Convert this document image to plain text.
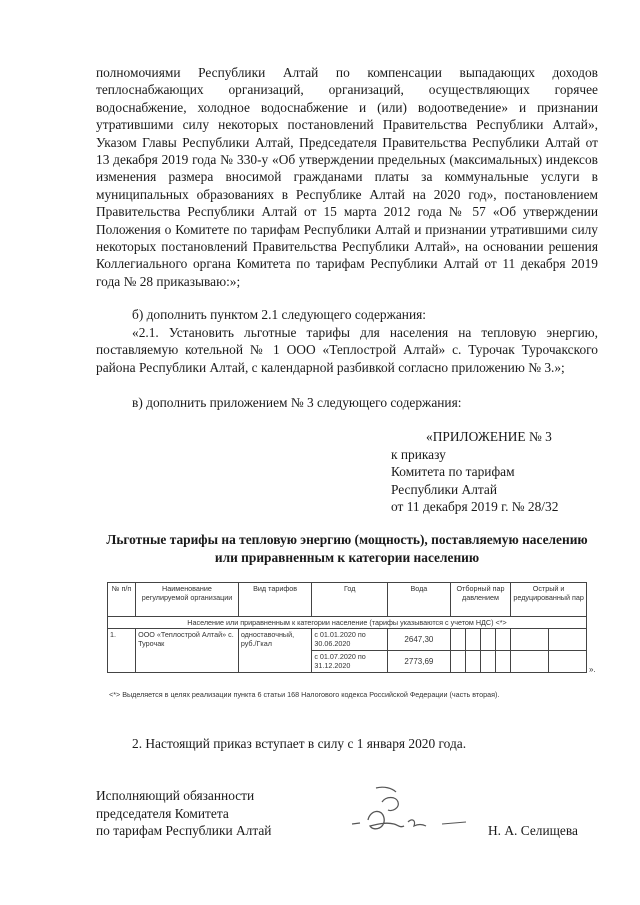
полномочиями Республики Алтай по компенсации выпадающих доходов теплоснабжающих организаций, организаций, осуществляющих горячее водоснабжение, холодное водоснабжение и (или) водоотведение» и признании утратившими силу некоторых постановлений Правительства Республики Алтай», Указом Главы Республики Алтай, Председателя Правительства Республики Алтай от 13 декабря 2019 года № 330-у «Об утверждении предельных (максимальных) индексов изменения размера вносимой гражданами платы за коммунальные услуги в муниципальных образованиях в Республике Алтай на 2020 год», постановлением Правительства Республики Алтай от 15 марта 2012 года № 57 «Об утверждении Положения о Комитете по тарифам Республики Алтай и признании утратившими силу некоторых постановлений Правительства Республики Алтай», на основании решения Коллегиального органа Комитета по тарифам Республики Алтай от 11 декабря 2019 года № 28 приказываю:»;

б) дополнить пунктом 2.1 следующего содержания:

«2.1. Установить льготные тарифы для населения на тепловую энергию, поставляемую котельной № 1 ООО «Теплострой Алтай» с. Турочак Турочакского района Республики Алтай, с календарной разбивкой согласно приложению № 3.»;

в) дополнить приложением № 3 следующего содержания:

«ПРИЛОЖЕНИЕ № 3

к приказу

Комитета по тарифам

Республики Алтай

от 11 декабря 2019 г. № 28/32

Льготные тарифы на тепловую энергию (мощность), поставляемую населению или приравненным к категории населению

№ п/п	Наименование регулируемой организации	Вид тарифов	Год	Вода	Отборный пар давлением				Острый и редуцированный пар	
Население или приравненным к категории население (тарифы указываются с учетом НДС) <*>										
1.	ООО «Теплострой Алтай» с. Турочак	одноставочный, руб./Гкал	с 01.01.2020 по 30.06.2020	2647,30						
			с 01.07.2020 по 31.12.2020	2773,69						
».

<*> Выделяется в целях реализации пункта 6 статьи 168 Налогового кодекса Российской Федерации (часть вторая).

2. Настоящий приказ вступает в силу с 1 января 2020 года.

Исполняющий обязанности
председателя Комитета
по тарифам Республики Алтай	Н. А. Селищева
